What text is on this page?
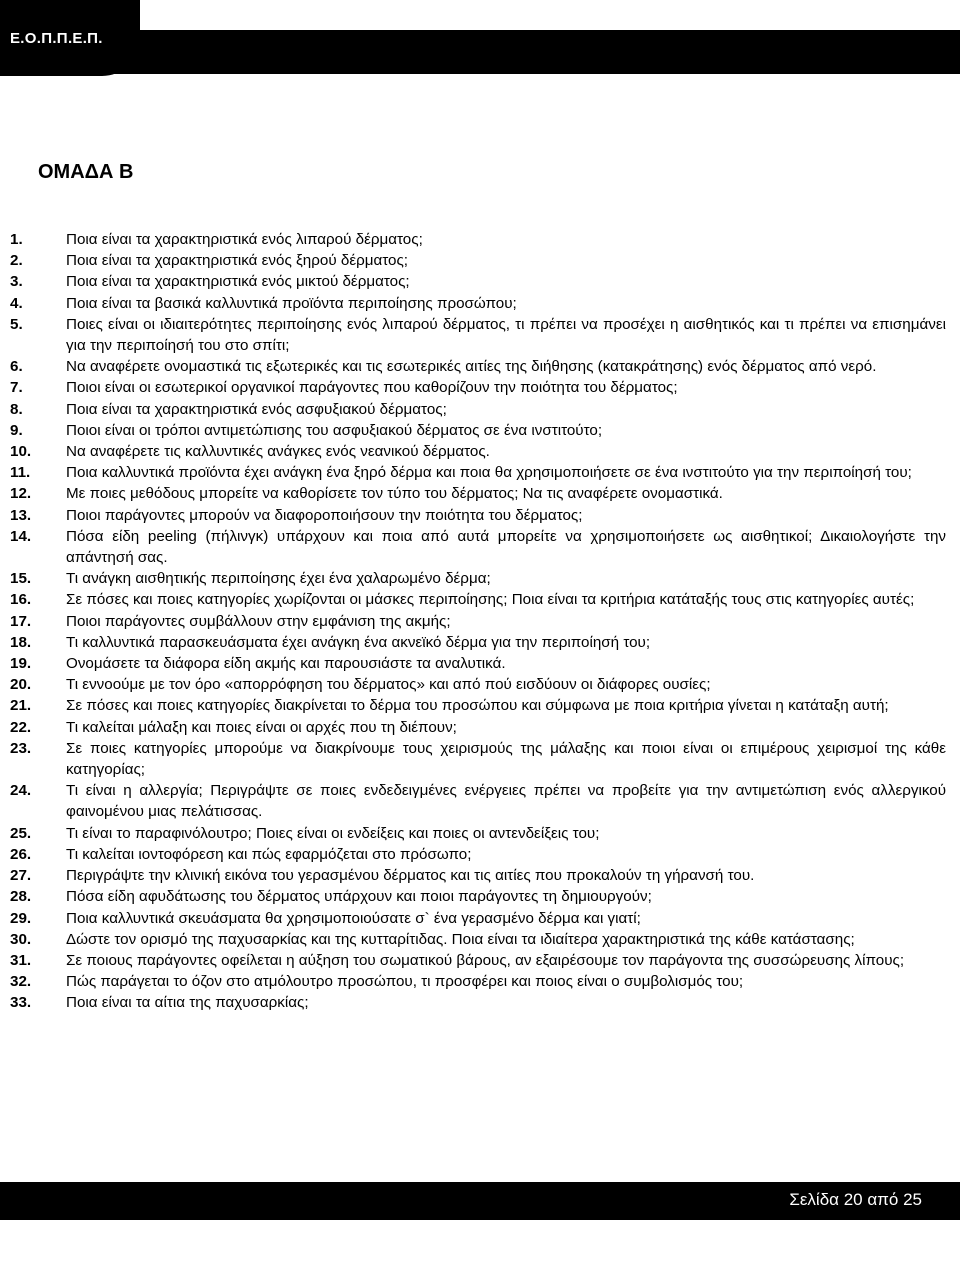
ΕΙΔΙΚΟΣ ΕΦΑΡΜΟΓΩΝ ΑΙΣΘΗΤΙΚΗΣ
Ε.Ο.Π.Π.Ε.Π.
ΟΜΑΔΑ Β
1.	Ποια είναι τα χαρακτηριστικά ενός λιπαρού δέρματος;
2.	Ποια είναι τα χαρακτηριστικά ενός ξηρού δέρματος;
3.	Ποια είναι τα χαρακτηριστικά ενός μικτού δέρματος;
4.	Ποια είναι τα βασικά καλλυντικά προϊόντα περιποίησης προσώπου;
5.	Ποιες είναι οι ιδιαιτερότητες περιποίησης ενός λιπαρού δέρματος, τι πρέπει να προσέχει η αισθητικός και τι πρέπει να επισημάνει για την περιποίησή του στο σπίτι;
6.	Να αναφέρετε ονομαστικά τις εξωτερικές και τις εσωτερικές αιτίες της διήθησης (κατακράτησης) ενός δέρματος από νερό.
7.	Ποιοι είναι οι εσωτερικοί οργανικοί παράγοντες που καθορίζουν την ποιότητα του δέρματος;
8.	Ποια είναι τα χαρακτηριστικά ενός ασφυξιακού δέρματος;
9.	Ποιοι είναι οι τρόποι αντιμετώπισης του ασφυξιακού δέρματος σε ένα ινστιτούτο;
10. Να αναφέρετε τις καλλυντικές ανάγκες ενός νεανικού δέρματος.
11. Ποια καλλυντικά προϊόντα έχει ανάγκη ένα ξηρό δέρμα και ποια θα χρησιμοποιήσετε σε ένα ινστιτούτο για την περιποίησή του;
12. Με ποιες μεθόδους μπορείτε να καθορίσετε τον τύπο του δέρματος; Να τις αναφέρετε ονομαστικά.
13. Ποιοι παράγοντες μπορούν να διαφοροποιήσουν την ποιότητα του δέρματος;
14. Πόσα είδη peeling (πήλινγκ) υπάρχουν και ποια από αυτά μπορείτε να χρησιμοποιήσετε ως αισθητικοί; Δικαιολογήστε την απάντησή σας.
15. Τι ανάγκη αισθητικής περιποίησης έχει ένα χαλαρωμένο δέρμα;
16. Σε πόσες και ποιες κατηγορίες χωρίζονται οι μάσκες περιποίησης; Ποια είναι τα κριτήρια κατάταξής τους στις κατηγορίες αυτές;
17. Ποιοι παράγοντες συμβάλλουν στην εμφάνιση της ακμής;
18. Τι καλλυντικά παρασκευάσματα έχει ανάγκη ένα ακνεϊκό δέρμα για την περιποίησή του;
19. Ονομάσετε τα διάφορα είδη ακμής και παρουσιάστε τα αναλυτικά.
20. Τι εννοούμε με τον όρο «απορρόφηση του δέρματος» και από πού εισδύουν οι διάφορες ουσίες;
21. Σε πόσες και ποιες κατηγορίες διακρίνεται το δέρμα του προσώπου και σύμφωνα με ποια κριτήρια γίνεται η κατάταξη αυτή;
22. Τι καλείται μάλαξη και ποιες είναι οι αρχές που τη διέπουν;
23. Σε ποιες κατηγορίες μπορούμε να διακρίνουμε τους χειρισμούς της μάλαξης και ποιοι είναι οι επιμέρους χειρισμοί της κάθε κατηγορίας;
24. Τι είναι η αλλεργία; Περιγράψτε σε ποιες ενδεδειγμένες ενέργειες πρέπει να προβείτε για την αντιμετώπιση ενός αλλεργικού φαινομένου μιας πελάτισσας.
25. Τι είναι το παραφινόλουτρο; Ποιες είναι οι ενδείξεις και ποιες οι αντενδείξεις του;
26. Τι καλείται ιοντοφόρεση και πώς εφαρμόζεται στο πρόσωπο;
27. Περιγράψτε την κλινική εικόνα του γερασμένου δέρματος και τις αιτίες που προκαλούν τη γήρανσή του.
28. Πόσα είδη αφυδάτωσης του δέρματος υπάρχουν και ποιοι παράγοντες τη δημιουργούν;
29. Ποια καλλυντικά σκευάσματα θα χρησιμοποιούσατε σ` ένα γερασμένο δέρμα και γιατί;
30. Δώστε τον ορισμό της παχυσαρκίας και της κυτταρίτιδας. Ποια είναι τα ιδιαίτερα χαρακτηριστικά της κάθε κατάστασης;
31. Σε ποιους παράγοντες οφείλεται η αύξηση του σωματικού βάρους, αν εξαιρέσουμε τον παράγοντα της συσσώρευσης λίπους;
32. Πώς παράγεται το όζον στο ατμόλουτρο προσώπου, τι προσφέρει και ποιος είναι ο συμβολισμός του;
33. Ποια είναι τα αίτια της παχυσαρκίας;
Σελίδα 20 από 25
